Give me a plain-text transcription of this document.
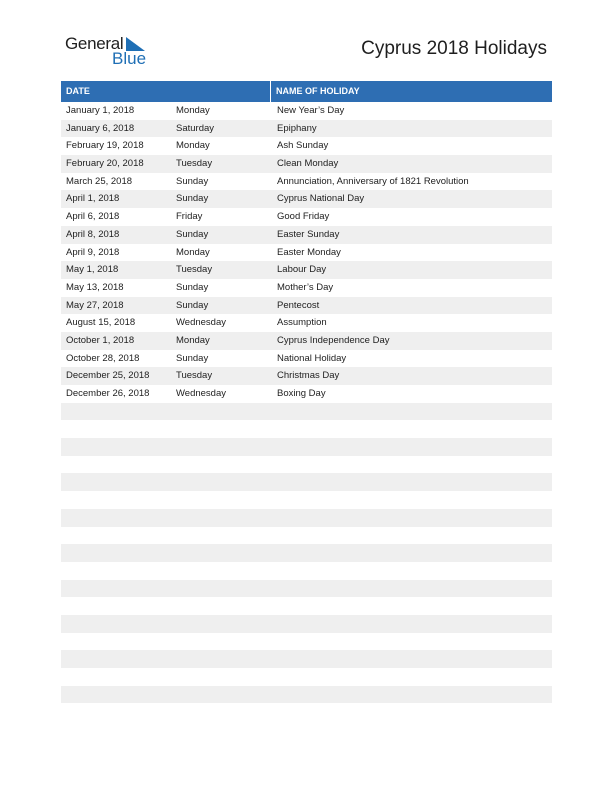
General
Blue	Cyprus 2018 Holidays
DATE	NAME OF HOLIDAY
January 1, 2018	Monday	New Year’s Day
January 6, 2018	Saturday	Epiphany
February 19, 2018	Monday	Ash Sunday
February 20, 2018	Tuesday	Clean Monday
March 25, 2018	Sunday	Annunciation, Anniversary of 1821 Revolution
April 1, 2018	Sunday	Cyprus National Day
April 6, 2018	Friday	Good Friday
April 8, 2018	Sunday	Easter Sunday
April 9, 2018	Monday	Easter Monday
May 1, 2018	Tuesday	Labour Day
May 13, 2018	Sunday	Mother’s Day
May 27, 2018	Sunday	Pentecost
August 15, 2018	Wednesday	Assumption
October 1, 2018	Monday	Cyprus Independence Day
October 28, 2018	Sunday	National Holiday
December 25, 2018	Tuesday	Christmas Day
December 26, 2018	Wednesday	Boxing Day
